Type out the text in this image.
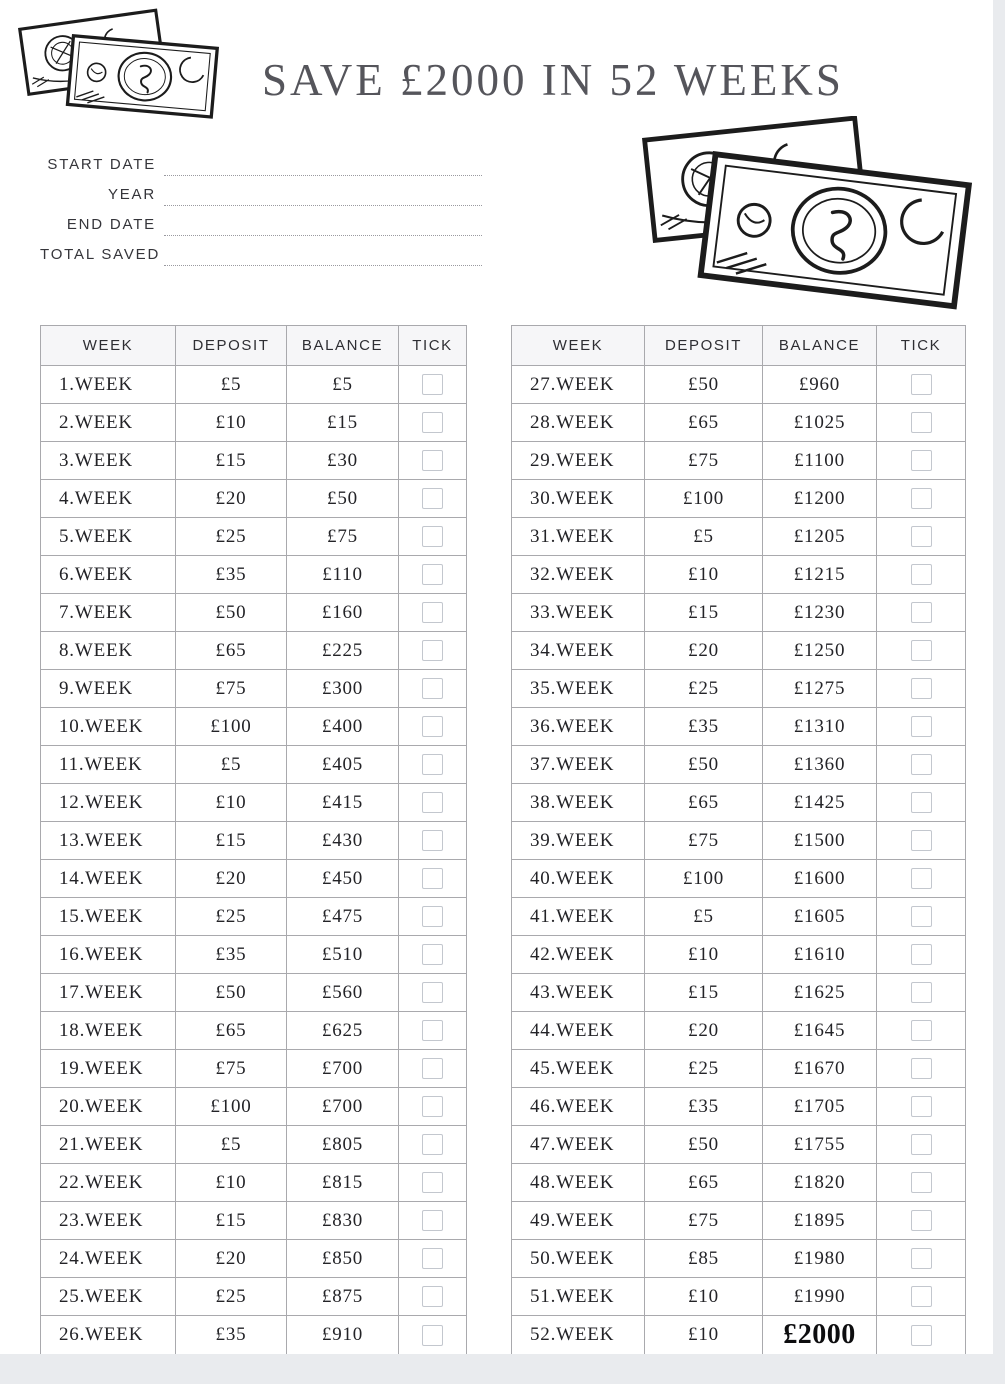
SAVE £2000 IN 52 WEEKS
START DATE
YEAR
END DATE
TOTAL SAVED
WEEK	DEPOSIT	BALANCE	TICK
1.WEEK	£5	£5
2.WEEK	£10	£15
3.WEEK	£15	£30
4.WEEK	£20	£50
5.WEEK	£25	£75
6.WEEK	£35	£110
7.WEEK	£50	£160
8.WEEK	£65	£225
9.WEEK	£75	£300
10.WEEK	£100	£400
11.WEEK	£5	£405
12.WEEK	£10	£415
13.WEEK	£15	£430
14.WEEK	£20	£450
15.WEEK	£25	£475
16.WEEK	£35	£510
17.WEEK	£50	£560
18.WEEK	£65	£625
19.WEEK	£75	£700
20.WEEK	£100	£700
21.WEEK	£5	£805
22.WEEK	£10	£815
23.WEEK	£15	£830
24.WEEK	£20	£850
25.WEEK	£25	£875
26.WEEK	£35	£910
WEEK	DEPOSIT	BALANCE	TICK
27.WEEK	£50	£960
28.WEEK	£65	£1025
29.WEEK	£75	£1100
30.WEEK	£100	£1200
31.WEEK	£5	£1205
32.WEEK	£10	£1215
33.WEEK	£15	£1230
34.WEEK	£20	£1250
35.WEEK	£25	£1275
36.WEEK	£35	£1310
37.WEEK	£50	£1360
38.WEEK	£65	£1425
39.WEEK	£75	£1500
40.WEEK	£100	£1600
41.WEEK	£5	£1605
42.WEEK	£10	£1610
43.WEEK	£15	£1625
44.WEEK	£20	£1645
45.WEEK	£25	£1670
46.WEEK	£35	£1705
47.WEEK	£50	£1755
48.WEEK	£65	£1820
49.WEEK	£75	£1895
50.WEEK	£85	£1980
51.WEEK	£10	£1990
52.WEEK	£10	£2000
